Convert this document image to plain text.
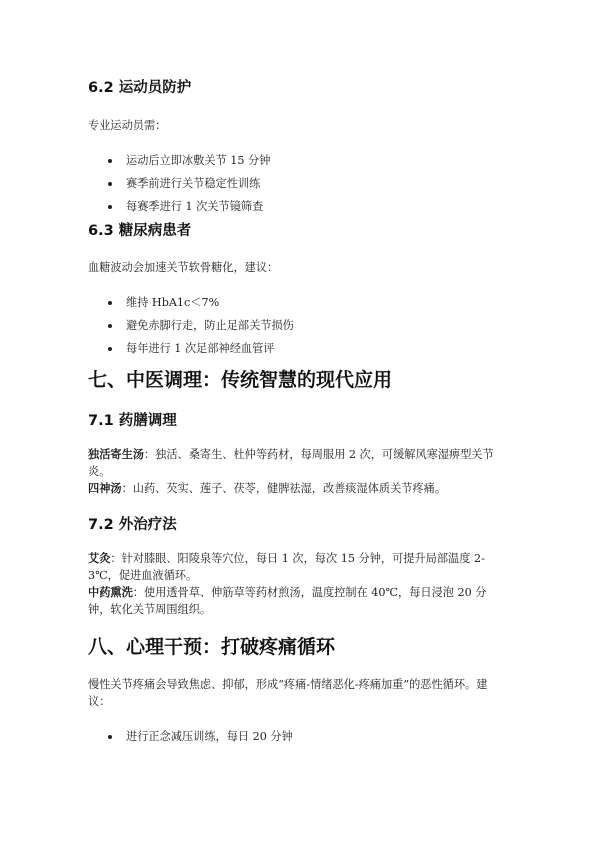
6.2 运动员防护

专业运动员需：

运动后立即冰敷关节 15 分钟
赛季前进行关节稳定性训练
每赛季进行 1 次关节镜筛查
6.3 糖尿病患者

血糖波动会加速关节软骨糖化，建议：

维持 HbA1c＜7%
避免赤脚行走，防止足部关节损伤
每年进行 1 次足部神经血管评
七、中医调理：传统智慧的现代应用
7.1 药膳调理

独活寄生汤：独活、桑寄生、杜仲等药材，每周服用 2 次，可缓解风寒湿痹型关节炎。

四神汤：山药、芡实、莲子、茯苓，健脾祛湿，改善痰湿体质关节疼痛。

7.2 外治疗法

艾灸：针对膝眼、阳陵泉等穴位，每日 1 次，每次 15 分钟，可提升局部温度 2-3℃，促进血液循环。

中药熏洗：使用透骨草、伸筋草等药材煎汤，温度控制在 40℃，每日浸泡 20 分钟，软化关节周围组织。

八、心理干预：打破疼痛循环

慢性关节疼痛会导致焦虑、抑郁，形成“疼痛-情绪恶化-疼痛加重”的恶性循环。建议：

进行正念减压训练，每日 20 分钟
